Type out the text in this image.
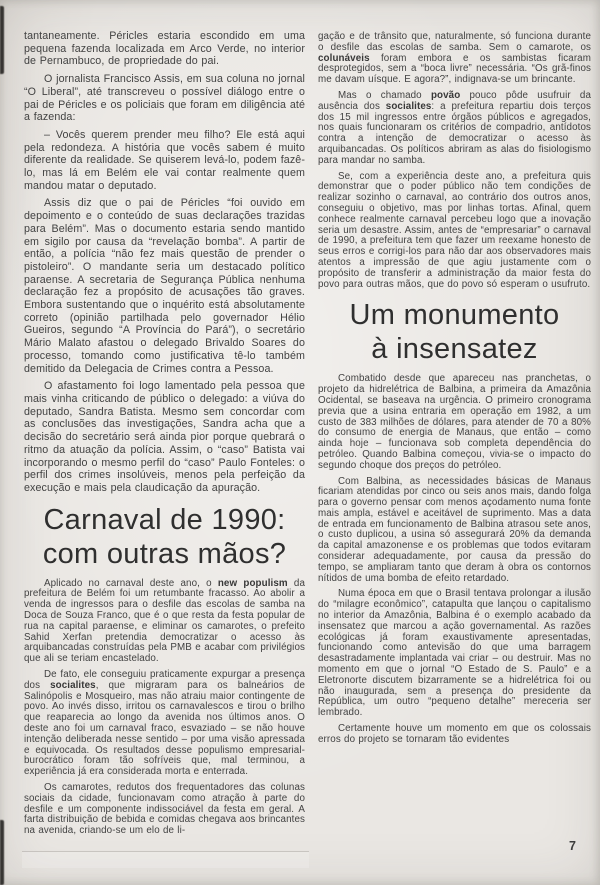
tantaneamente. Péricles estaria escondido em uma pequena fazenda localizada em Arco Verde, no interior de Pernambuco, de propriedade do pai.

O jornalista Francisco Assis, em sua coluna no jornal “O Liberal”, até transcreveu o possível diálogo entre o pai de Péricles e os policiais que foram em diligência até a fazenda:

– Vocês querem prender meu filho? Ele está aqui pela redondeza. A história que vocês sabem é muito diferente da realidade. Se quiserem levá-lo, podem fazê-lo, mas lá em Belém ele vai contar realmente quem mandou matar o deputado.

Assis diz que o pai de Péricles “foi ouvido em depoimento e o conteúdo de suas declarações trazidas para Belém”. Mas o documento estaria sendo mantido em sigilo por causa da “revelação bomba”. A partir de então, a polícia “não fez mais questão de prender o pistoleiro”. O mandante seria um destacado político paraense. A secretaria de Segurança Pública nenhuma declaração fez a propósito de acusações tão graves. Embora sustentando que o inquérito está absolutamente correto (opinião partilhada pelo governador Hélio Gueiros, segundo “A Província do Pará”), o secretário Mário Malato afastou o delegado Brivaldo Soares do processo, tomando como justificativa tê-lo também demitido da Delegacia de Crimes contra a Pessoa.

O afastamento foi logo lamentado pela pessoa que mais vinha criticando de público o delegado: a viúva do deputado, Sandra Batista. Mesmo sem concordar com as conclusões das investigações, Sandra acha que a decisão do secretário será ainda pior porque quebrará o ritmo da atuação da polícia. Assim, o “caso” Batista vai incorporando o mesmo perfil do “caso” Paulo Fonteles: o perfil dos crimes insolúveis, menos pela perfeição da execução e mais pela claudicação da apuração.

Carnaval de 1990:
com outras mãos?

Aplicado no carnaval deste ano, o new populism da prefeitura de Belém foi um retumbante fracasso. Ao abolir a venda de ingressos para o desfile das escolas de samba na Doca de Souza Franco, que é o que resta da festa popular de rua na capital paraense, e eliminar os camarotes, o prefeito Sahid Xerfan pretendia democratizar o acesso às arquibancadas construídas pela PMB e acabar com privilégios que ali se teriam encastelado.

De fato, ele conseguiu praticamente expurgar a presença dos socialites, que migraram para os balneários de Salinópolis e Mosqueiro, mas não atraiu maior contingente de povo. Ao invés disso, irritou os carnavalescos e tirou o brilho que reaparecia ao longo da avenida nos últimos anos. O deste ano foi um carnaval fraco, esvaziado – se não houve intenção deliberada nesse sentido – por uma visão apressada e equivocada. Os resultados desse populismo empresarial-burocrático foram tão sofríveis que, mal terminou, a experiência já era considerada morta e enterrada.

Os camarotes, redutos dos frequentadores das colunas sociais da cidade, funcionavam como atração à parte do desfile e um componente indissociável da festa em geral. A farta distribuição de bebida e comidas chegava aos brincantes na avenida, criando-se um elo de li-

gação e de trânsito que, naturalmente, só funciona durante o desfile das escolas de samba. Sem o camarote, os colunáveis foram embora e os sambistas ficaram desprotegidos, sem a “boca livre” necessária. “Os grã-finos me davam uísque. E agora?”, indignava-se um brincante.

Mas o chamado povão pouco pôde usufruir da ausência dos socialites: a prefeitura repartiu dois terços dos 15 mil ingressos entre órgãos públicos e agregados, nos quais funcionaram os critérios de compadrio, antídotos contra a intenção de democratizar o acesso às arquibancadas. Os políticos abriram as alas do fisiologismo para mandar no samba.

Se, com a experiência deste ano, a prefeitura quis demonstrar que o poder público não tem condições de realizar sozinho o carnaval, ao contrário dos outros anos, conseguiu o objetivo, mas por linhas tortas. Afinal, quem conhece realmente carnaval percebeu logo que a inovação seria um desastre. Assim, antes de “empresariar” o carnaval de 1990, a prefeitura tem que fazer um reexame honesto de seus erros e corrigi-los para não dar aos observadores mais atentos a impressão de que agiu justamente com o propósito de transferir a administração da maior festa do povo para outras mãos, que do povo só esperam o usufruto.

Um monumento
à insensatez

Combatido desde que apareceu nas pranchetas, o projeto da hidrelétrica de Balbina, a primeira da Amazônia Ocidental, se baseava na urgência. O primeiro cronograma previa que a usina entraria em operação em 1982, a um custo de 383 milhões de dólares, para atender de 70 a 80% do consumo de energia de Manaus, que então – como ainda hoje – funcionava sob completa dependência do petróleo. Quando Balbina começou, vivia-se o impacto do segundo choque dos preços do petróleo.

Com Balbina, as necessidades básicas de Manaus ficariam atendidas por cinco ou seis anos mais, dando folga para o governo pensar com menos açodamento numa fonte mais ampla, estável e aceitável de suprimento. Mas a data de entrada em funcionamento de Balbina atrasou sete anos, o custo duplicou, a usina só assegurará 20% da demanda da capital amazonense e os problemas que todos evitaram considerar adequadamente, por causa da pressão do tempo, se ampliaram tanto que deram à obra os contornos nítidos de uma bomba de efeito retardado.

Numa época em que o Brasil tentava prolongar a ilusão do “milagre econômico”, catapulta que lançou o capitalismo no interior da Amazônia, Balbina é o exemplo acabado da insensatez que marcou a ação governamental. As razões ecológicas já foram exaustivamente apresentadas, funcionando como antevisão do que uma barragem desastradamente implantada vai criar – ou destruir. Mas no momento em que o jornal “O Estado de S. Paulo” e a Eletronorte discutem bizarramente se a hidrelétrica foi ou não inaugurada, sem a presença do presidente da República, um outro “pequeno detalhe” mereceria ser lembrado.

Certamente houve um momento em que os colossais erros do projeto se tornaram tão evidentes

7
